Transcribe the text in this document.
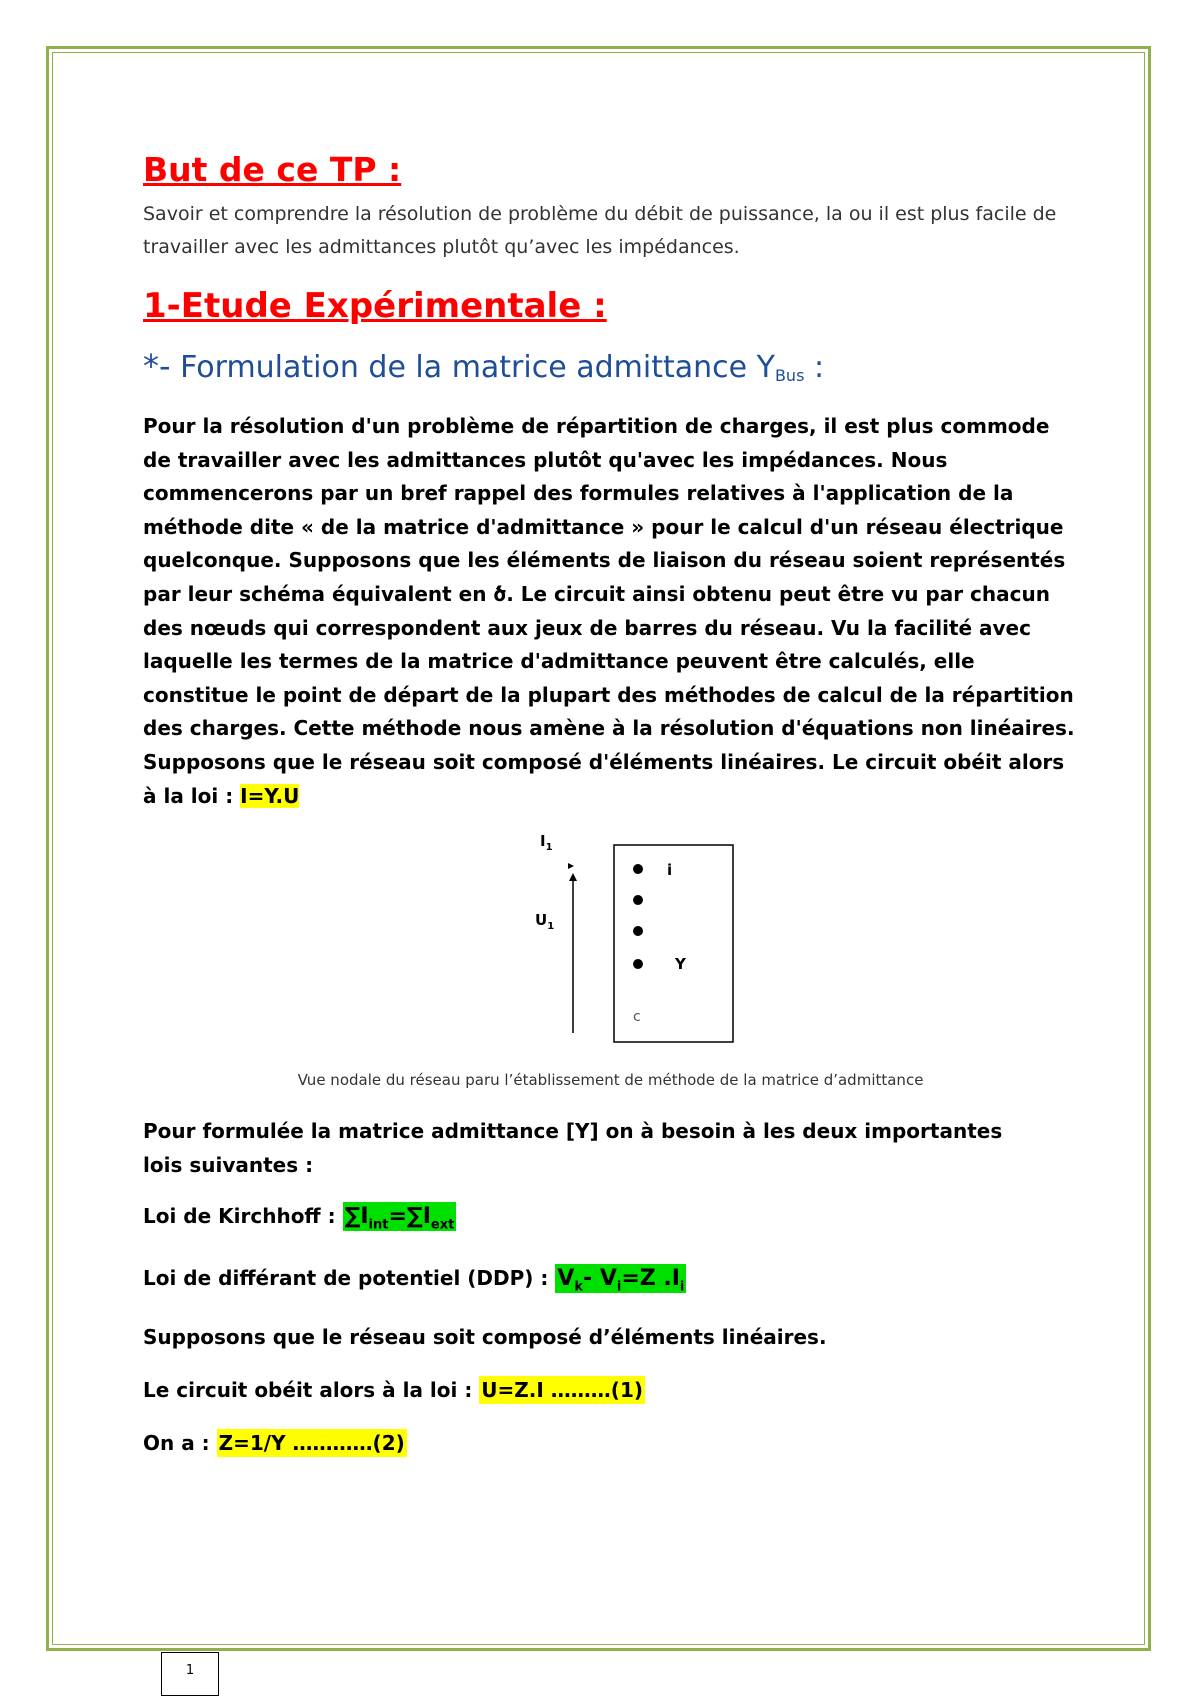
But de ce TP :

Savoir et comprendre la résolution de problème du débit de puissance, la ou il est plus facile de travailler avec les admittances plutôt qu’avec les impédances.

1-Etude Expérimentale :
*- Formulation de la matrice admittance $Y_{Bus}$ :

Pour la résolution d'un problème de répartition de charges, il est plus commode de travailler avec les admittances plutôt qu'avec les impédances. Nous commencerons par un bref rappel des formules relatives à l'application de la méthode dite « de la matrice d'admittance » pour le calcul d'un réseau électrique quelconque. Supposons que les éléments de liaison du réseau soient représentés par leur schéma équivalent en ծ. Le circuit ainsi obtenu peut être vu par chacun des nœuds qui correspondent aux jeux de barres du réseau. Vu la facilité avec laquelle les termes de la matrice d'admittance peuvent être calculés, elle constitue le point de départ de la plupart des méthodes de calcul de la répartition des charges. Cette méthode nous amène à la résolution d'équations non linéaires. Supposons que le réseau soit composé d'éléments linéaires. Le circuit obéit alors à la loi : I=Y.U

$I_1$
$U_1$
i
Y
c

Vue nodale du réseau paru l’établissement de méthode de la matrice d’admittance

Pour formulée la matrice admittance [Y] on à besoin à les deux importantes lois suivantes :

Loi de Kirchhoff : $\sum I_{int}=\sum I_{ext}$

Loi de différant de potentiel (DDP) : $V_k-$ $V_i=Z$ $.I_i$

Supposons que le réseau soit composé d’éléments linéaires.

Le circuit obéit alors à la loi : U=Z.I ………(1)

On a : Z=1/Y …………(2)

1
